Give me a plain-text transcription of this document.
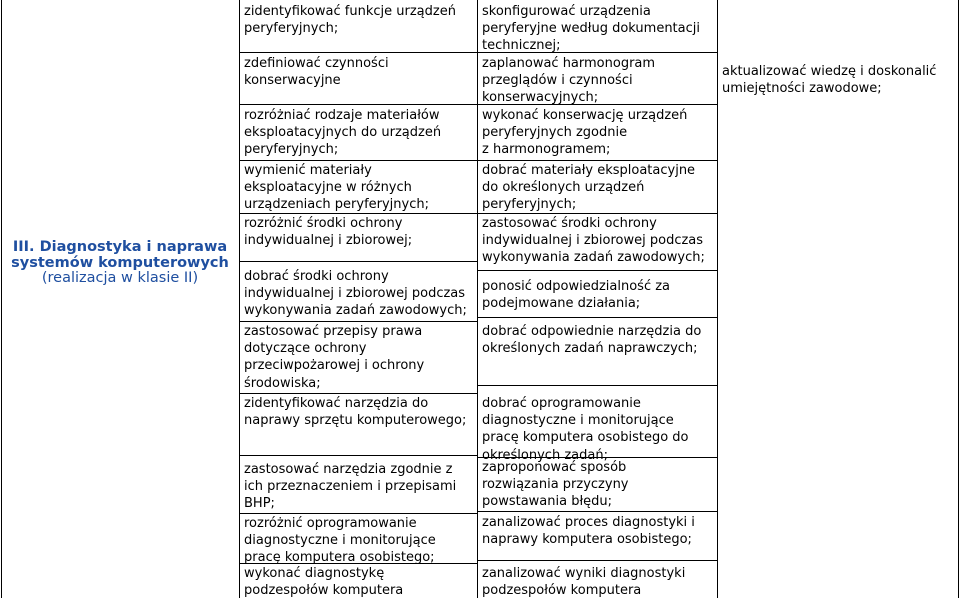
III. Diagnostyka i naprawa
systemów komputerowych
(realizacja w klasie II)
zidentyfikować funkcje urządzeń
peryferyjnych;
zdefiniować czynności
konserwacyjne
rozróżniać rodzaje materiałów
eksploatacyjnych do urządzeń
peryferyjnych;
wymienić materiały
eksploatacyjne w różnych
urządzeniach peryferyjnych;
rozróżnić środki ochrony
indywidualnej i zbiorowej;
dobrać środki ochrony
indywidualnej i zbiorowej podczas
wykonywania zadań zawodowych;
zastosować przepisy prawa
dotyczące ochrony
przeciwpożarowej i ochrony
środowiska;
zidentyfikować narzędzia do
naprawy sprzętu komputerowego;
zastosować narzędzia zgodnie z
ich przeznaczeniem i przepisami
BHP;
rozróżnić oprogramowanie
diagnostyczne i monitorujące
pracę komputera osobistego;
wykonać diagnostykę
podzespołów komputera
skonfigurować urządzenia
peryferyjne według dokumentacji
technicznej;
zaplanować harmonogram
przeglądów i czynności
konserwacyjnych;
wykonać konserwację urządzeń
peryferyjnych zgodnie
z harmonogramem;
dobrać materiały eksploatacyjne
do określonych urządzeń
peryferyjnych;
zastosować środki ochrony
indywidualnej i zbiorowej podczas
wykonywania zadań zawodowych;
ponosić odpowiedzialność za
podejmowane działania;
dobrać odpowiednie narzędzia do
określonych zadań naprawczych;
dobrać oprogramowanie
diagnostyczne i monitorujące
pracę komputera osobistego do
określonych zadań;
zaproponować sposób
rozwiązania przyczyny
powstawania błędu;
zanalizować proces diagnostyki i
naprawy komputera osobistego;
zanalizować wyniki diagnostyki
podzespołów komputera
aktualizować wiedzę i doskonalić
umiejętności zawodowe;
